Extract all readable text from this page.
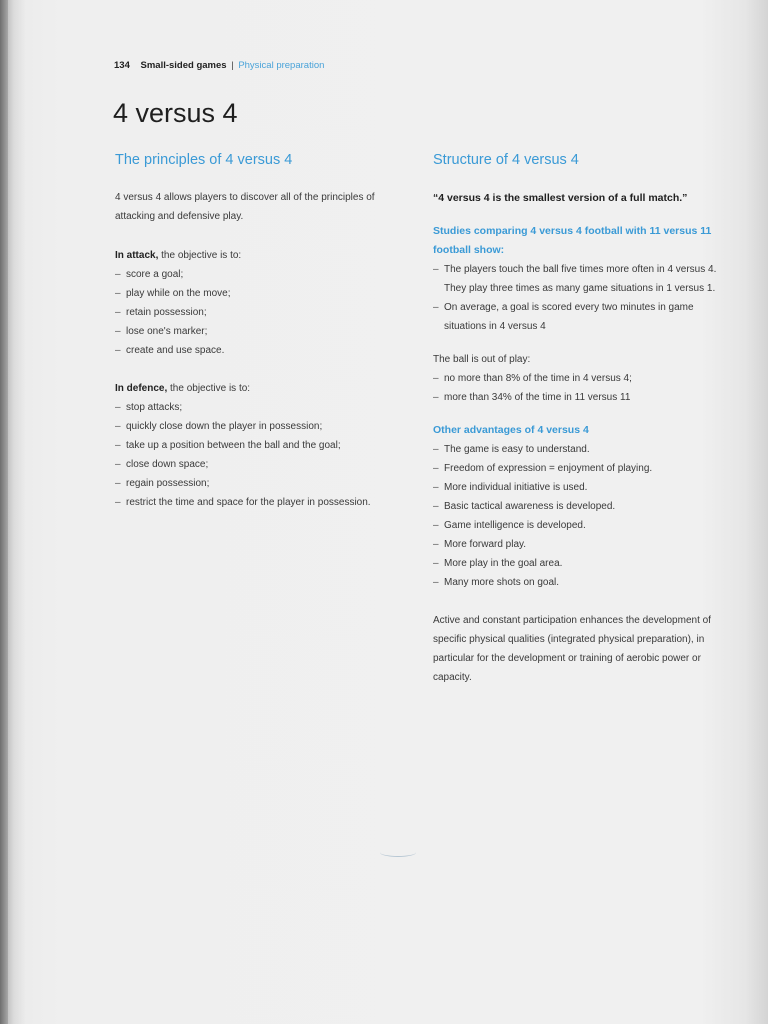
134 Small-sided games | Physical preparation
4 versus 4
The principles of 4 versus 4

4 versus 4 allows players to discover all of the principles of attacking and defensive play.

In attack, the objective is to:

– score a goal;
– play while on the move;
– retain possession;
– lose one's marker;
– create and use space.

In defence, the objective is to:

– stop attacks;
– quickly close down the player in possession;
– take up a position between the ball and the goal;
– close down space;
– regain possession;
– restrict the time and space for the player in possession.
Structure of 4 versus 4

“4 versus 4 is the smallest version of a full match.”

Studies comparing 4 versus 4 football with 11 versus 11 football show:

– The players touch the ball five times more often in 4 versus 4. They play three times as many game situations in 1 versus 1.
– On average, a goal is scored every two minutes in game situations in 4 versus 4

The ball is out of play:

– no more than 8% of the time in 4 versus 4;
– more than 34% of the time in 11 versus 11

Other advantages of 4 versus 4

– The game is easy to understand.
– Freedom of expression = enjoyment of playing.
– More individual initiative is used.
– Basic tactical awareness is developed.
– Game intelligence is developed.
– More forward play.
– More play in the goal area.
– Many more shots on goal.

Active and constant participation enhances the development of specific physical qualities (integrated physical preparation), in particular for the development or training of aerobic power or capacity.
